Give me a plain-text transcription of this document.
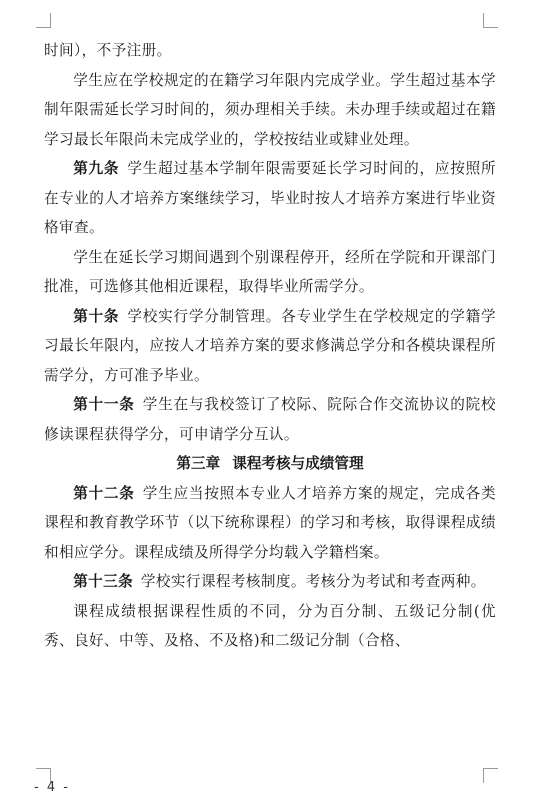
时间），不予注册。

学生应在学校规定的在籍学习年限内完成学业。学生超过基本学制年限需延长学习时间的，须办理相关手续。未办理手续或超过在籍学习最长年限尚未完成学业的，学校按结业或肄业处理。

第九条  学生超过基本学制年限需要延长学习时间的，应按照所在专业的人才培养方案继续学习，毕业时按人才培养方案进行毕业资格审查。

学生在延长学习期间遇到个别课程停开，经所在学院和开课部门批准，可选修其他相近课程，取得毕业所需学分。

第十条  学校实行学分制管理。各专业学生在学校规定的学籍学习最长年限内，应按人才培养方案的要求修满总学分和各模块课程所需学分，方可准予毕业。

第十一条  学生在与我校签订了校际、院际合作交流协议的院校修读课程获得学分，可申请学分互认。

第三章 课程考核与成绩管理

第十二条  学生应当按照本专业人才培养方案的规定，完成各类课程和教育教学环节（以下统称课程）的学习和考核，取得课程成绩和相应学分。课程成绩及所得学分均载入学籍档案。

第十三条  学校实行课程考核制度。考核分为考试和考查两种。

课程成绩根据课程性质的不同，分为百分制、五级记分制(优秀、良好、中等、及格、不及格)和二级记分制（合格、

- 4 -
